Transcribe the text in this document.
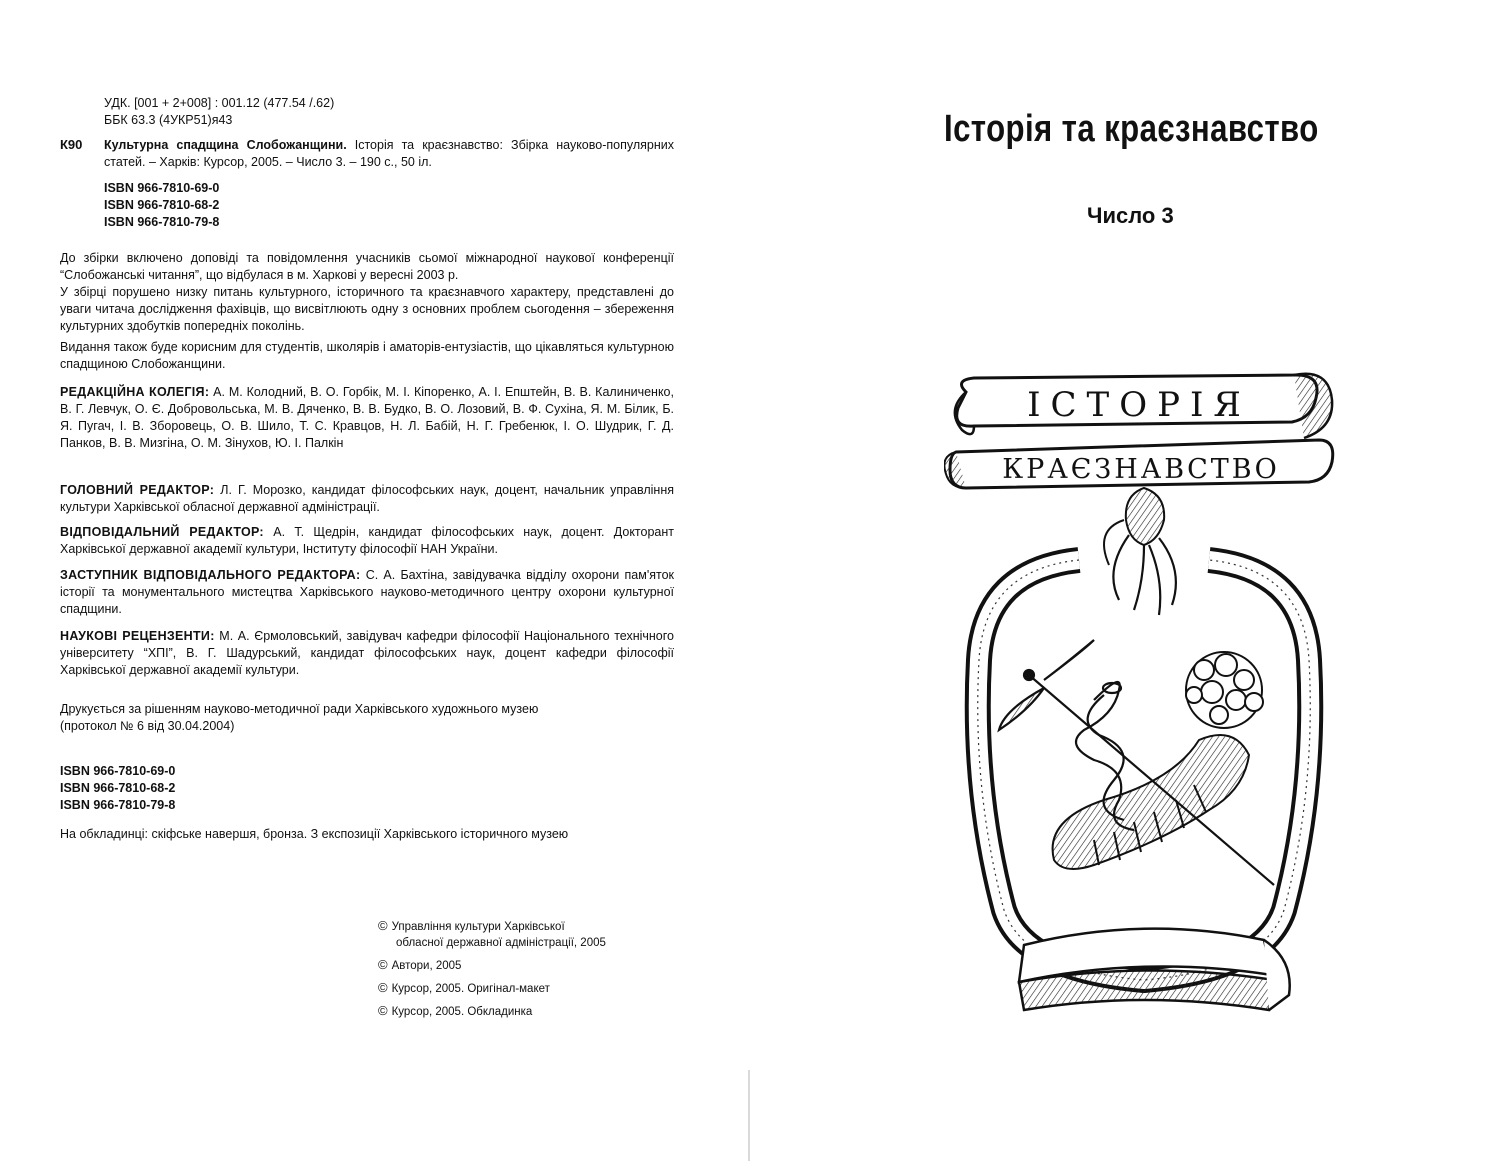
УДК. [001 + 2+008] : 001.12 (477.54 /.62)

ББК 63.3 (4УКР51)я43

К90 Культурна спадщина Слобожанщини. Історія та краєзнавство: Збірка науково-популярних статей. – Харків: Курсор, 2005. – Число 3. – 190 с., 50 іл.

ISBN 966-7810-69-0

ISBN 966-7810-68-2

ISBN 966-7810-79-8

До збірки включено доповіді та повідомлення учасників сьомої міжнародної наукової конференції “Слобожанські читання”, що відбулася в м. Харкові у вересні 2003 р.

У збірці порушено низку питань культурного, історичного та краєзнавчого характеру, представлені до уваги читача дослідження фахівців, що висвітлюють одну з основних проблем сьогодення – збереження культурних здобутків попередніх поколінь.

Видання також буде корисним для студентів, школярів і аматорів-ентузіастів, що цікавляться культурною спадщиною Слобожанщини.

РЕДАКЦІЙНА КОЛЕГІЯ: А. М. Колодний, В. О. Горбік, М. І. Кіпоренко, А. І. Епштейн, В. В. Калиниченко, В. Г. Левчук, О. Є. Добровольська, М. В. Дяченко, В. В. Будко, В. О. Лозовий, В. Ф. Сухіна, Я. М. Білик, Б. Я. Пугач, І. В. Зборовець, О. В. Шило, Т. С. Кравцов, Н. Л. Бабій, Н. Г. Гребенюк, І. О. Шудрик, Г. Д. Панков, В. В. Мизгіна, О. М. Зінухов, Ю. І. Палкін
ГОЛОВНИЙ РЕДАКТОР: Л. Г. Морозко, кандидат філософських наук, доцент, начальник управління культури Харківської обласної державної адміністрації.
ВІДПОВІДАЛЬНИЙ РЕДАКТОР: А. Т. Щедрін, кандидат філософських наук, доцент. Докторант Харківської державної академії культури, Інституту філософії НАН України.
ЗАСТУПНИК ВІДПОВІДАЛЬНОГО РЕДАКТОРА: С. А. Бахтіна, завідувачка відділу охорони пам'яток історії та монументального мистецтва Харківського науково-методичного центру охорони культурної спадщини.
НАУКОВІ РЕЦЕНЗЕНТИ: М. А. Єрмоловський, завідувач кафедри філософії Національного технічного університету “ХПІ”, В. Г. Шадурський, кандидат філософських наук, доцент кафедри філософії Харківської державної академії культури.

Друкується за рішенням науково-методичної ради Харківського художнього музею

(протокол № 6 від 30.04.2004)

ISBN 966-7810-69-0

ISBN 966-7810-68-2

ISBN 966-7810-79-8

На обкладинці: скіфське навершя, бронза. З експозиції Харківського історичного музею

© Управління культури Харківської

обласної державної адміністрації, 2005

© Автори, 2005

© Курсор, 2005. Оригінал-макет

© Курсор, 2005. Обкладинка

Історія та краєзнавство
Число 3
ІСТОРІЯ
КРАЄЗНАВСТВО
